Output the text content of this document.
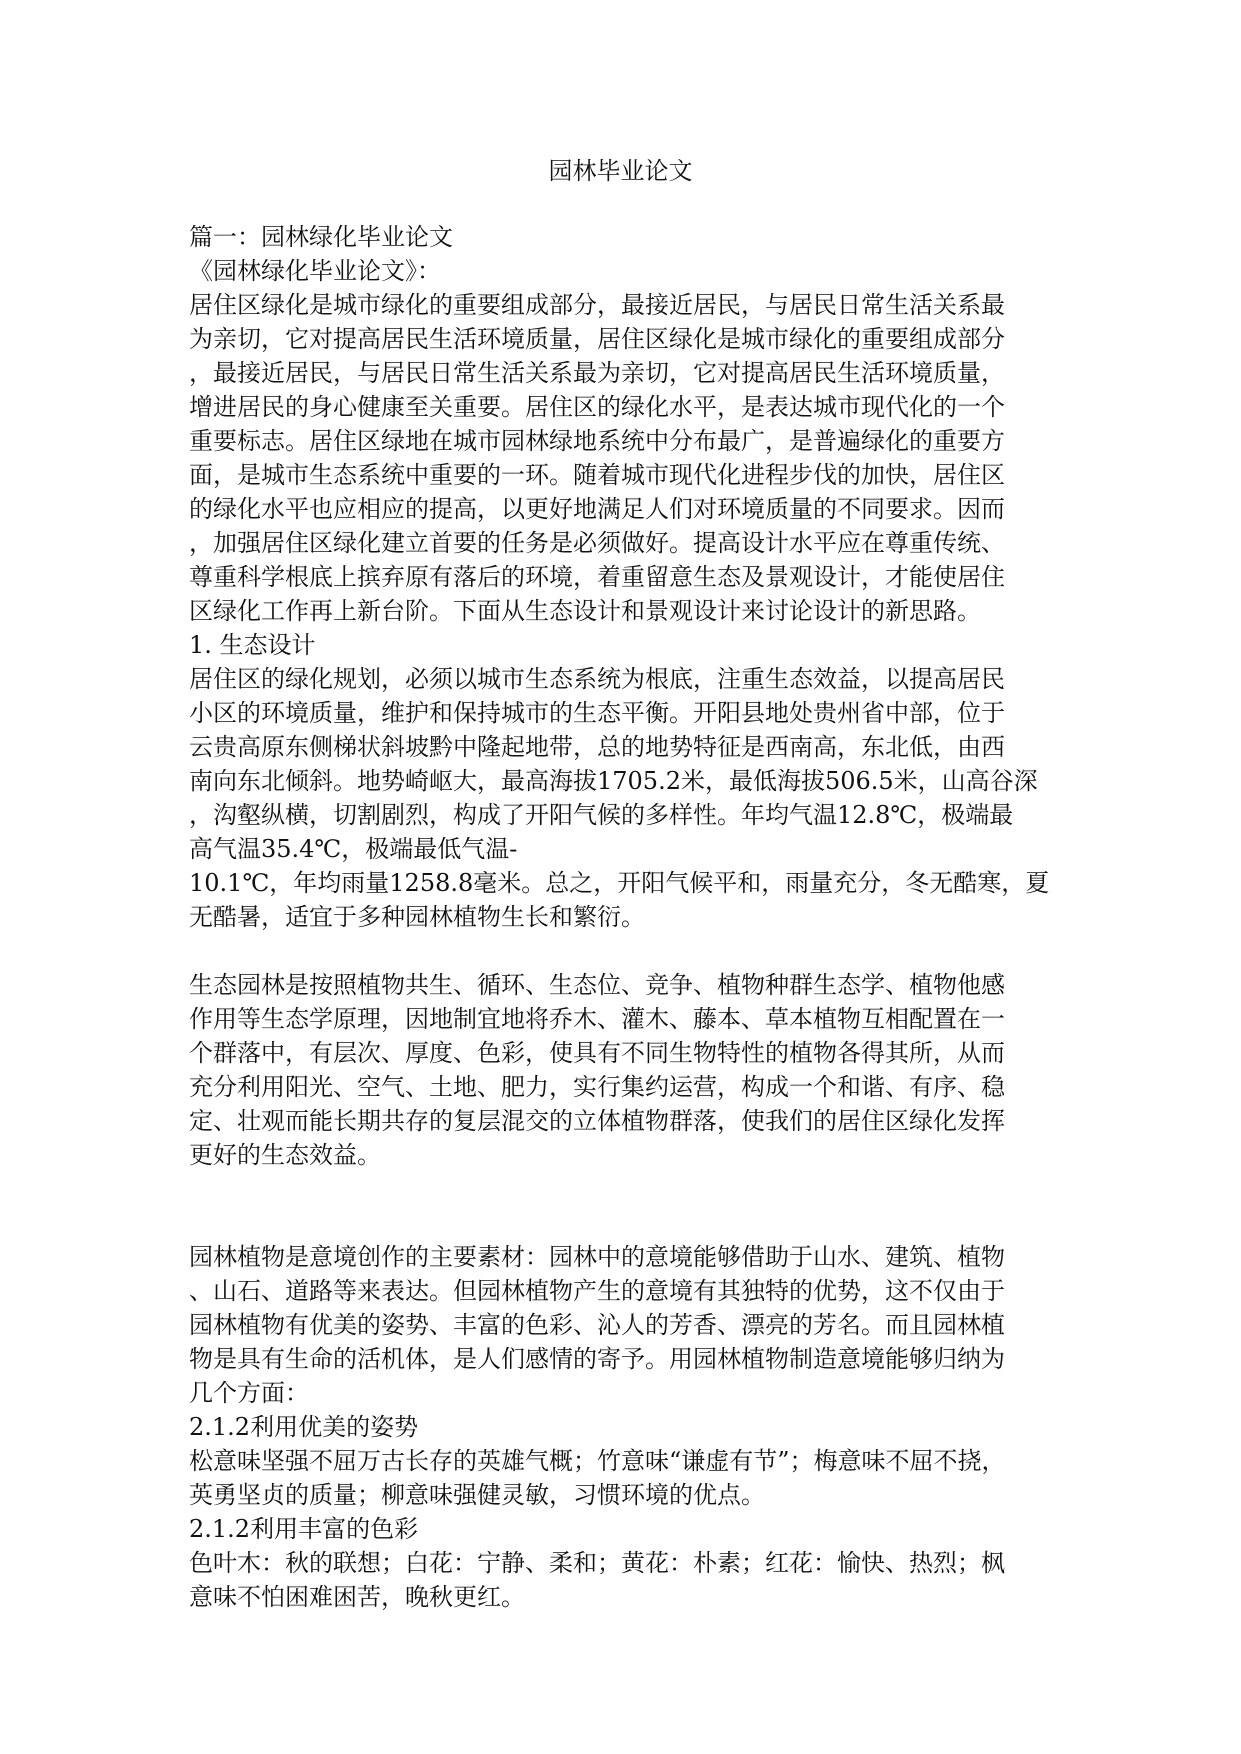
园林毕业论文
篇一：园林绿化毕业论文
《园林绿化毕业论文》：
居住区绿化是城市绿化的重要组成部分，最接近居民，与居民日常生活关系最
为亲切，它对提高居民生活环境质量，居住区绿化是城市绿化的重要组成部分
，最接近居民，与居民日常生活关系最为亲切，它对提高居民生活环境质量，
增进居民的身心健康至关重要。居住区的绿化水平，是表达城市现代化的一个
重要标志。居住区绿地在城市园林绿地系统中分布最广，是普遍绿化的重要方
面，是城市生态系统中重要的一环。随着城市现代化进程步伐的加快，居住区
的绿化水平也应相应的提高，以更好地满足人们对环境质量的不同要求。因而
，加强居住区绿化建立首要的任务是必须做好。提高设计水平应在尊重传统、
尊重科学根底上摈弃原有落后的环境，着重留意生态及景观设计，才能使居住
区绿化工作再上新台阶。下面从生态设计和景观设计来讨论设计的新思路。
1. 生态设计
居住区的绿化规划，必须以城市生态系统为根底，注重生态效益，以提高居民
小区的环境质量，维护和保持城市的生态平衡。开阳县地处贵州省中部，位于
云贵高原东侧梯状斜坡黔中隆起地带，总的地势特征是西南高，东北低，由西
南向东北倾斜。地势崎岖大，最高海拔1705.2米，最低海拔506.5米，山高谷深
，沟壑纵横，切割剧烈，构成了开阳气候的多样性。年均气温12.8℃，极端最
高气温35.4℃，极端最低气温-
10.1℃，年均雨量1258.8毫米。总之，开阳气候平和，雨量充分，冬无酷寒，夏
无酷暑，适宜于多种园林植物生长和繁衍。
生态园林是按照植物共生、循环、生态位、竞争、植物种群生态学、植物他感
作用等生态学原理，因地制宜地将乔木、灌木、藤本、草本植物互相配置在一
个群落中，有层次、厚度、色彩，使具有不同生物特性的植物各得其所，从而
充分利用阳光、空气、土地、肥力，实行集约运营，构成一个和谐、有序、稳
定、壮观而能长期共存的复层混交的立体植物群落，使我们的居住区绿化发挥
更好的生态效益。
园林植物是意境创作的主要素材：园林中的意境能够借助于山水、建筑、植物
、山石、道路等来表达。但园林植物产生的意境有其独特的优势，这不仅由于
园林植物有优美的姿势、丰富的色彩、沁人的芳香、漂亮的芳名。而且园林植
物是具有生命的活机体，是人们感情的寄予。用园林植物制造意境能够归纳为
几个方面：
2.1.2利用优美的姿势
松意味坚强不屈万古长存的英雄气概；竹意味“谦虚有节”；梅意味不屈不挠，
英勇坚贞的质量；柳意味强健灵敏，习惯环境的优点。
2.1.2利用丰富的色彩
色叶木：秋的联想；白花：宁静、柔和；黄花：朴素；红花：愉快、热烈；枫
意味不怕困难困苦，晚秋更红。
